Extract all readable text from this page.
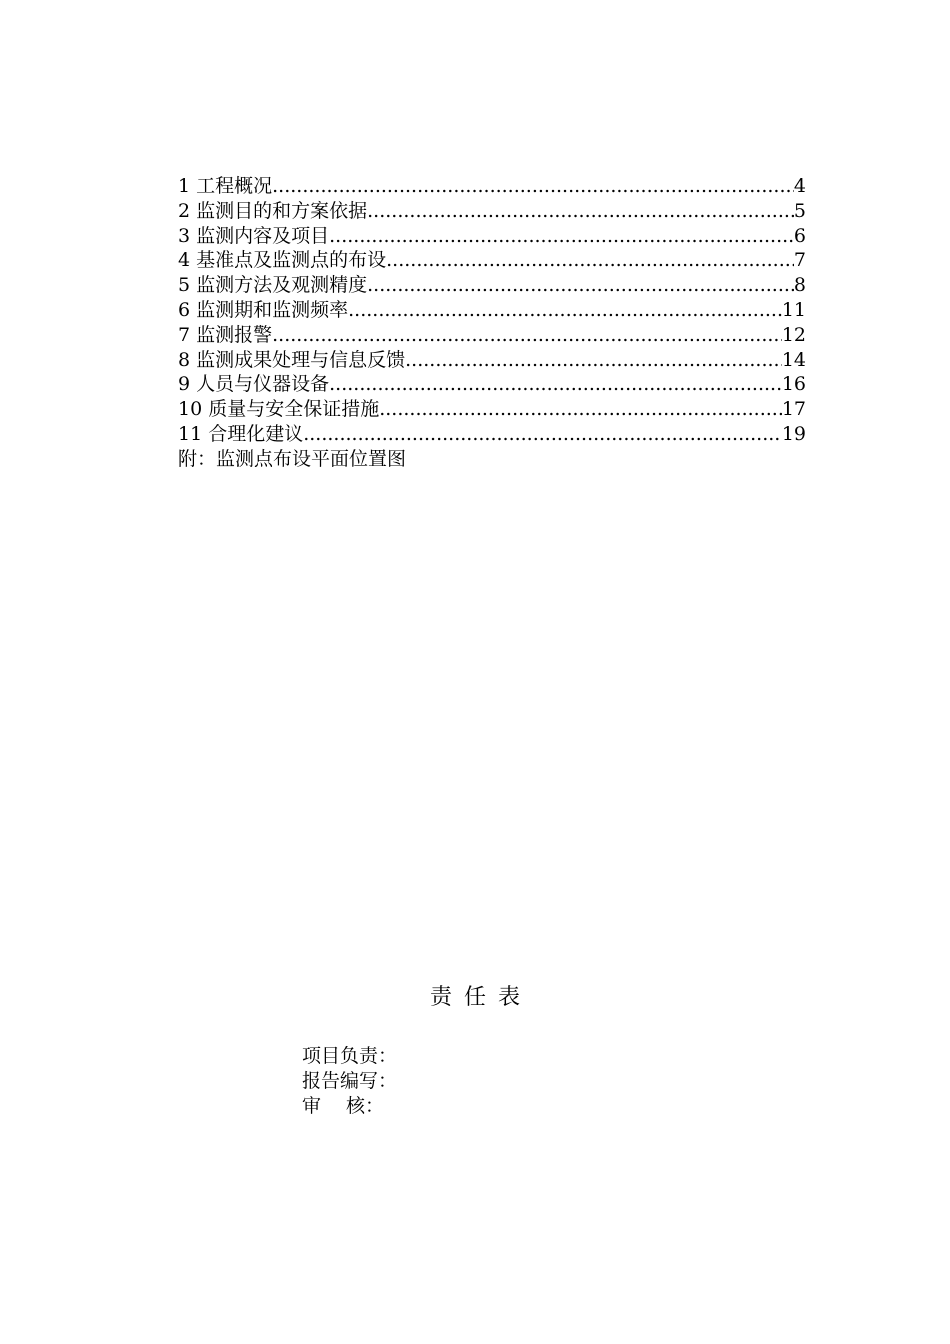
1 工程概况 .....	4
2 监测目的和方案依据 .....	5
3 监测内容及项目 .....	6
4 基准点及监测点的布设 .....	7
5 监测方法及观测精度 .....	8
6 监测期和监测频率 .....	11
7 监测报警 .....	12
8 监测成果处理与信息反馈 .....	14
9 人员与仪器设备 .....	16
10 质量与安全保证措施 .....	17
11 合理化建议 .....	19
附：监测点布设平面位置图
责任表
项目负责：
报告编写：
审　 核：
